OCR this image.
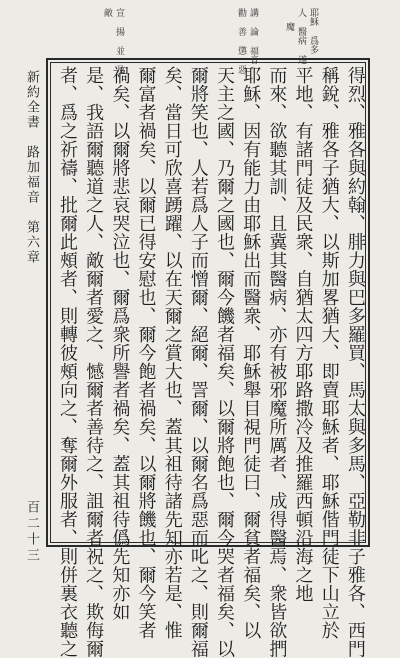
耶穌 爲多
人 醫病 遂
魔
講 論 福音
勸 善 懲 惡
宣 揚 並 及
敵
得烈、雅各與約翰、腓力與巴多羅買、馬太與多馬、亞勒非子雅各、西門
稱銳、雅各子猶大、以斯加畧猶大、即賣耶穌者、耶穌偕門徒下山立於
平地、有諸門徒及民衆、自猶太四方耶路撒冷及推羅西頓沿海之地
而來、欲聽其訓、且冀其醫病、亦有被邪魔所厲者、成得醫焉、衆皆欲捫
耶穌、因有能力由耶穌出而醫衆、耶穌舉目視門徒曰、爾貧者福矣、以
天主之國、乃爾之國也、爾今饑者福矣、以爾將飽也、爾今哭者福矣、以
爾將笑也、人若爲人子而憎爾、絕爾、詈爾、以爾名爲惡而叱之、則爾福
矣、當日可欣喜踴躍、以在天爾之賞大也、蓋其祖待諸先知亦若是、惟
爾富者禍矣、以爾已得安慰也、爾今飽者禍矣、以爾將饑也、爾今笑者
禍矣、以爾將悲哀哭泣也、爾爲衆所譽者禍矣、蓋其祖待僞先知亦如
是、我語爾聽道之人、敵爾者愛之、憾爾者善待之、詛爾者祝之、欺侮爾
者、爲之祈禱、批爾此頰者、則轉彼頰向之、奪爾外服者、則併裏衣聽之
新約全書　路加福音　第六章
百二十三
